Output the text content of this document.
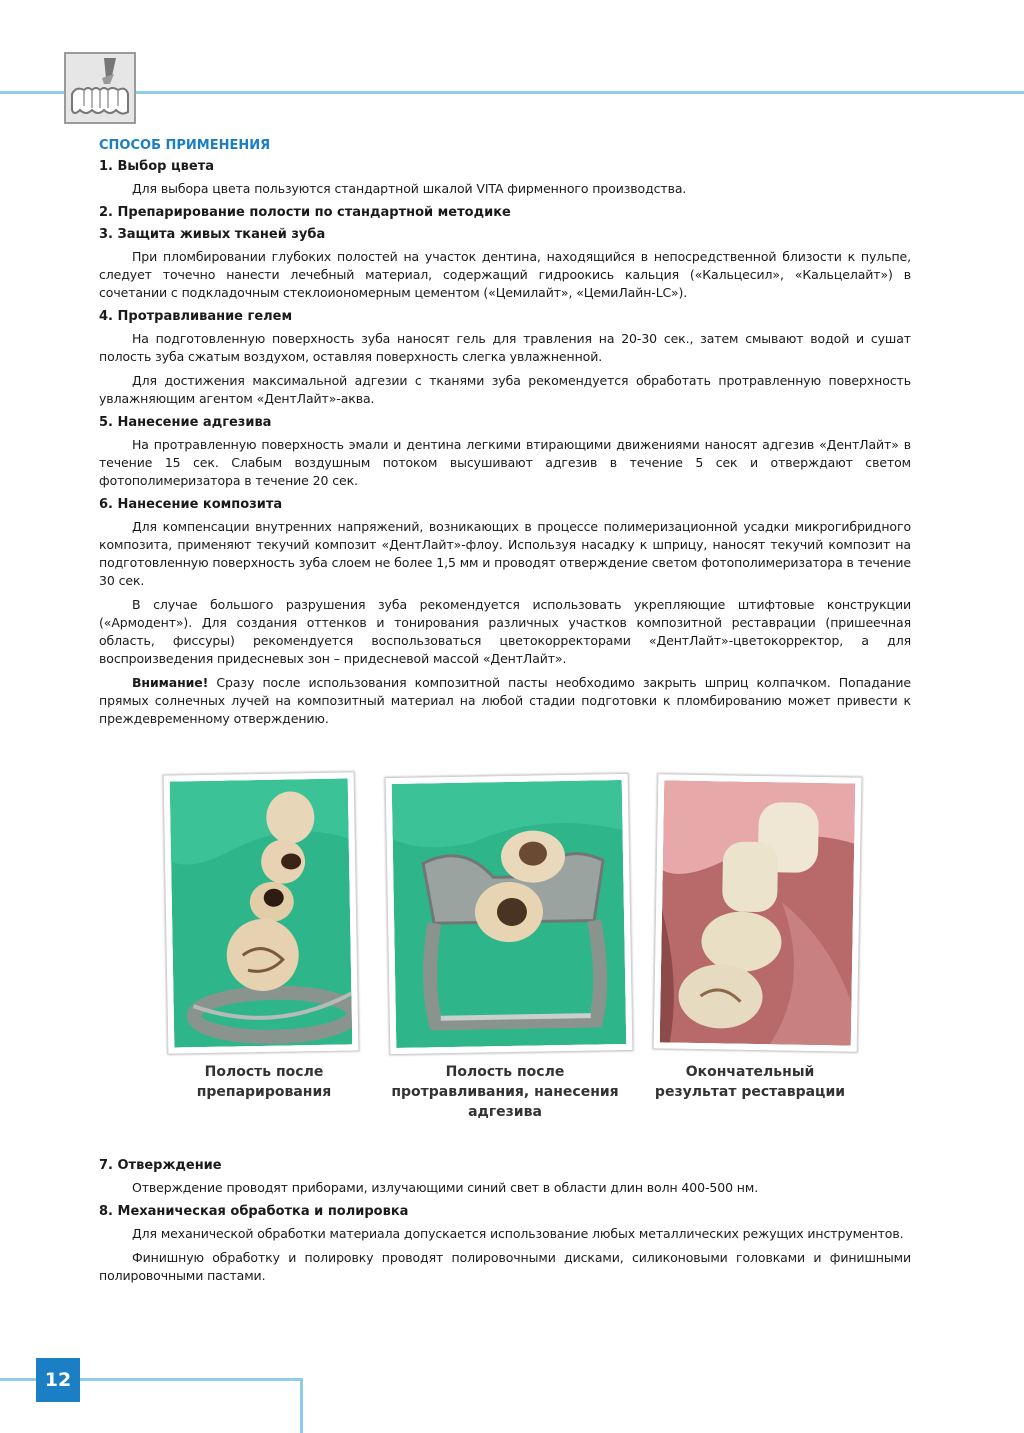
СПОСОБ ПРИМЕНЕНИЯ

1. Выбор цвета

Для выбора цвета пользуются стандартной шкалой VITA фирменного производства.

2. Препарирование полости по стандартной методике

3. Защита живых тканей зуба

При пломбировании глубоких полостей на участок дентина, находящийся в непосредственной близости к пульпе, следует точечно нанести лечебный материал, содержащий гидроокись кальция («Кальцесил», «Кальцелайт») в сочетании с подкладочным стеклоиономерным цементом («Цемилайт», «ЦемиЛайн-LC»).

4. Протравливание гелем

На подготовленную поверхность зуба наносят гель для травления на 20-30 сек., затем смывают водой и сушат полость зуба сжатым воздухом, оставляя поверхность слегка увлажненной.

Для достижения максимальной адгезии с тканями зуба рекомендуется обработать протравленную поверхность увлажняющим агентом «ДентЛайт»-аква.

5. Нанесение адгезива

На протравленную поверхность эмали и дентина легкими втирающими движениями наносят адгезив «ДентЛайт» в течение 15 сек. Слабым воздушным потоком высушивают адгезив в течение 5 сек и отверждают светом фотополимеризатора в течение 20 сек.

6. Нанесение композита

Для компенсации внутренних напряжений, возникающих в процессе полимеризационной усадки микрогибридного композита, применяют текучий композит «ДентЛайт»-флоу. Используя насадку к шприцу, наносят текучий композит на подготовленную поверхность зуба слоем не более 1,5 мм и проводят отверждение светом фотополимеризатора в течение 30 сек.

В случае большого разрушения зуба рекомендуется использовать укрепляющие штифтовые конструкции («Армодент»). Для создания оттенков и тонирования различных участков композитной реставрации (пришеечная область, фиссуры) рекомендуется воспользоваться цветокорректорами «ДентЛайт»-цветокорректор, а для воспроизведения придесневых зон – придесневой массой «ДентЛайт».

Внимание! Сразу после использования композитной пасты необходимо закрыть шприц колпачком. Попадание прямых солнечных лучей на композитный материал на любой стадии подготовки к пломбированию может привести к преждевременному отверждению.

Полость после
препарирования
Полость после
протравливания, нанесения
адгезива
Окончательный
результат реставрации

7. Отверждение

Отверждение проводят приборами, излучающими синий свет в области длин волн 400-500 нм.

8. Механическая обработка и полировка

Для механической обработки материала допускается использование любых металлических режущих инструментов.

Финишную обработку и полировку проводят полировочными дисками, силиконовыми головками и финишными полировочными пастами.

12
